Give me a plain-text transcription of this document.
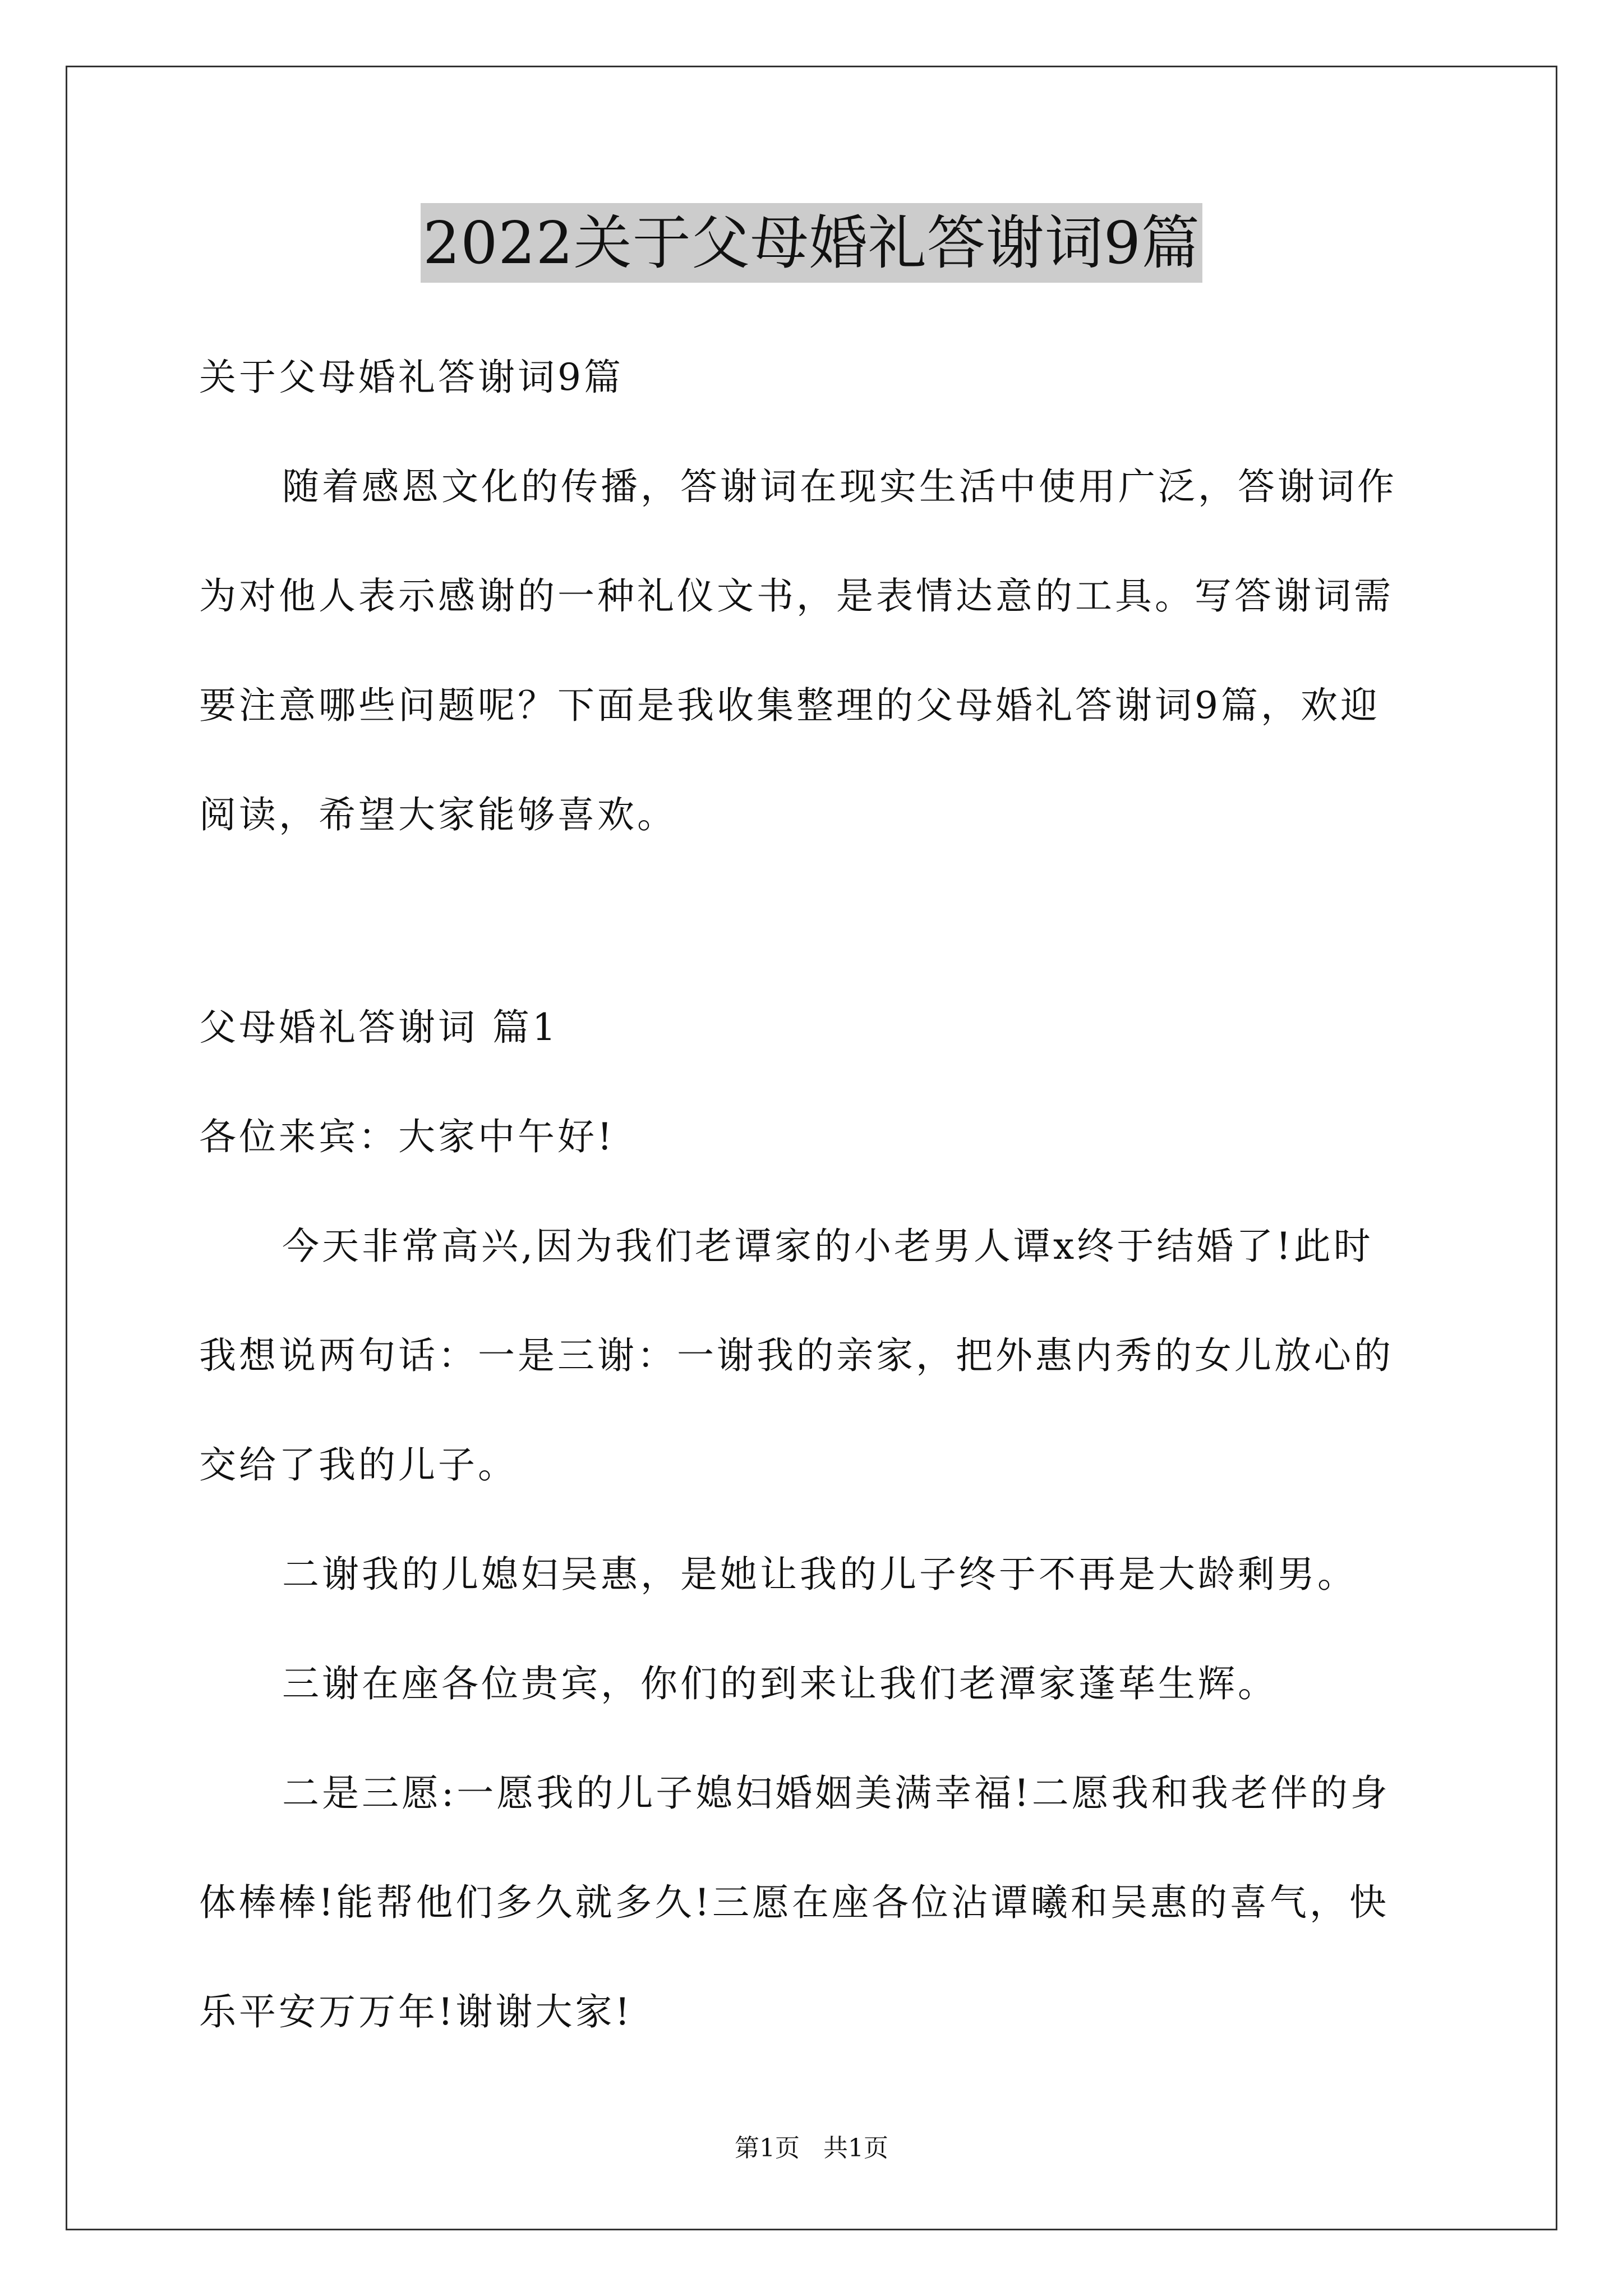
2022关于父母婚礼答谢词9篇
关于父母婚礼答谢词9篇
随着感恩文化的传播，答谢词在现实生活中使用广泛，答谢词作
为对他人表示感谢的一种礼仪文书，是表情达意的工具。写答谢词需
要注意哪些问题呢？下面是我收集整理的父母婚礼答谢词9篇，欢迎
阅读，希望大家能够喜欢。
父母婚礼答谢词 篇1
各位来宾：大家中午好!
今天非常高兴,因为我们老谭家的小老男人谭x终于结婚了!此时
我想说两句话：一是三谢：一谢我的亲家，把外惠内秀的女儿放心的
交给了我的儿子。
二谢我的儿媳妇吴惠，是她让我的儿子终于不再是大龄剩男。
三谢在座各位贵宾，你们的到来让我们老潭家蓬荜生辉。
二是三愿:一愿我的儿子媳妇婚姻美满幸福!二愿我和我老伴的身
体棒棒!能帮他们多久就多久!三愿在座各位沾谭曦和吴惠的喜气，快
乐平安万万年!谢谢大家!
第1页   共1页
